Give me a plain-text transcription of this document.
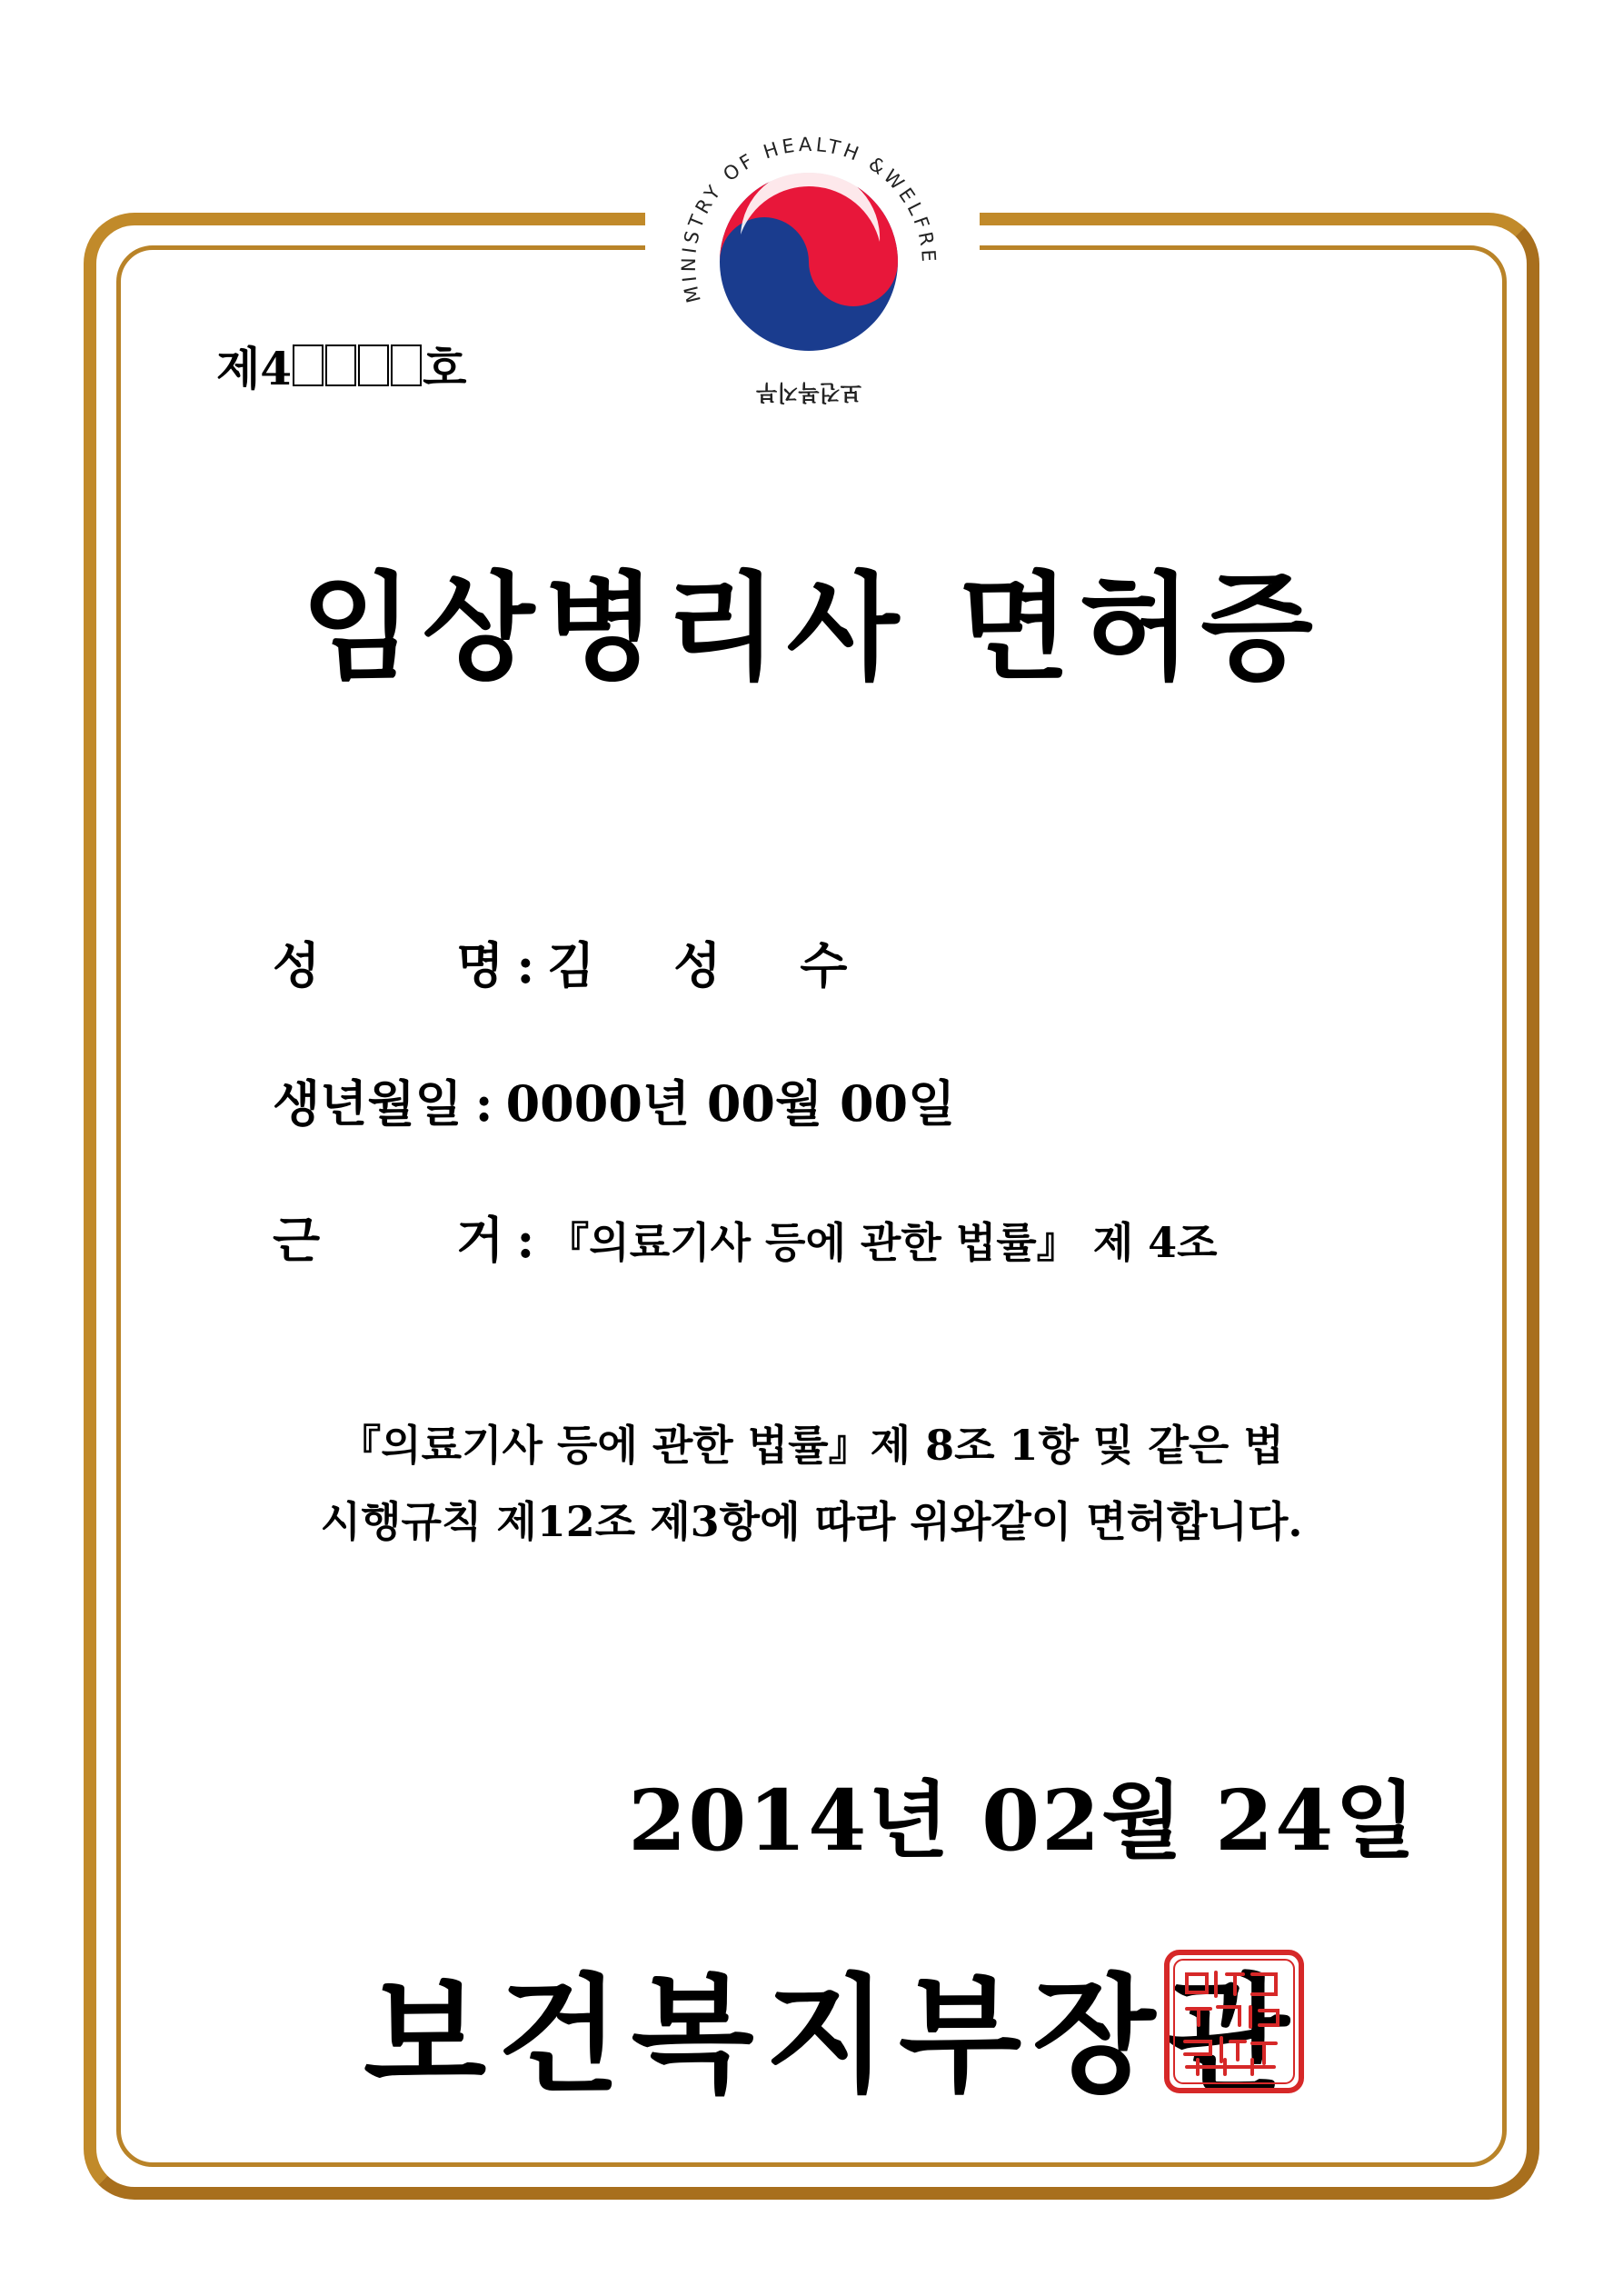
MINISTRY OF HEALTH &WELFRE
보건복지부
제4	호
임상병리사 면허증
성	명 : 김 성 수
생년월일 : 0000년 00월 00일
근	거 : 『의료기사 등에 관한 법률』 제 4조
『의료기사 등에 관한 법률』제 8조 1항 및 같은 법
시행규칙 제12조 제3항에 따라 위와같이 면허합니다.
2014년 02월 24일
보건복지부장관
